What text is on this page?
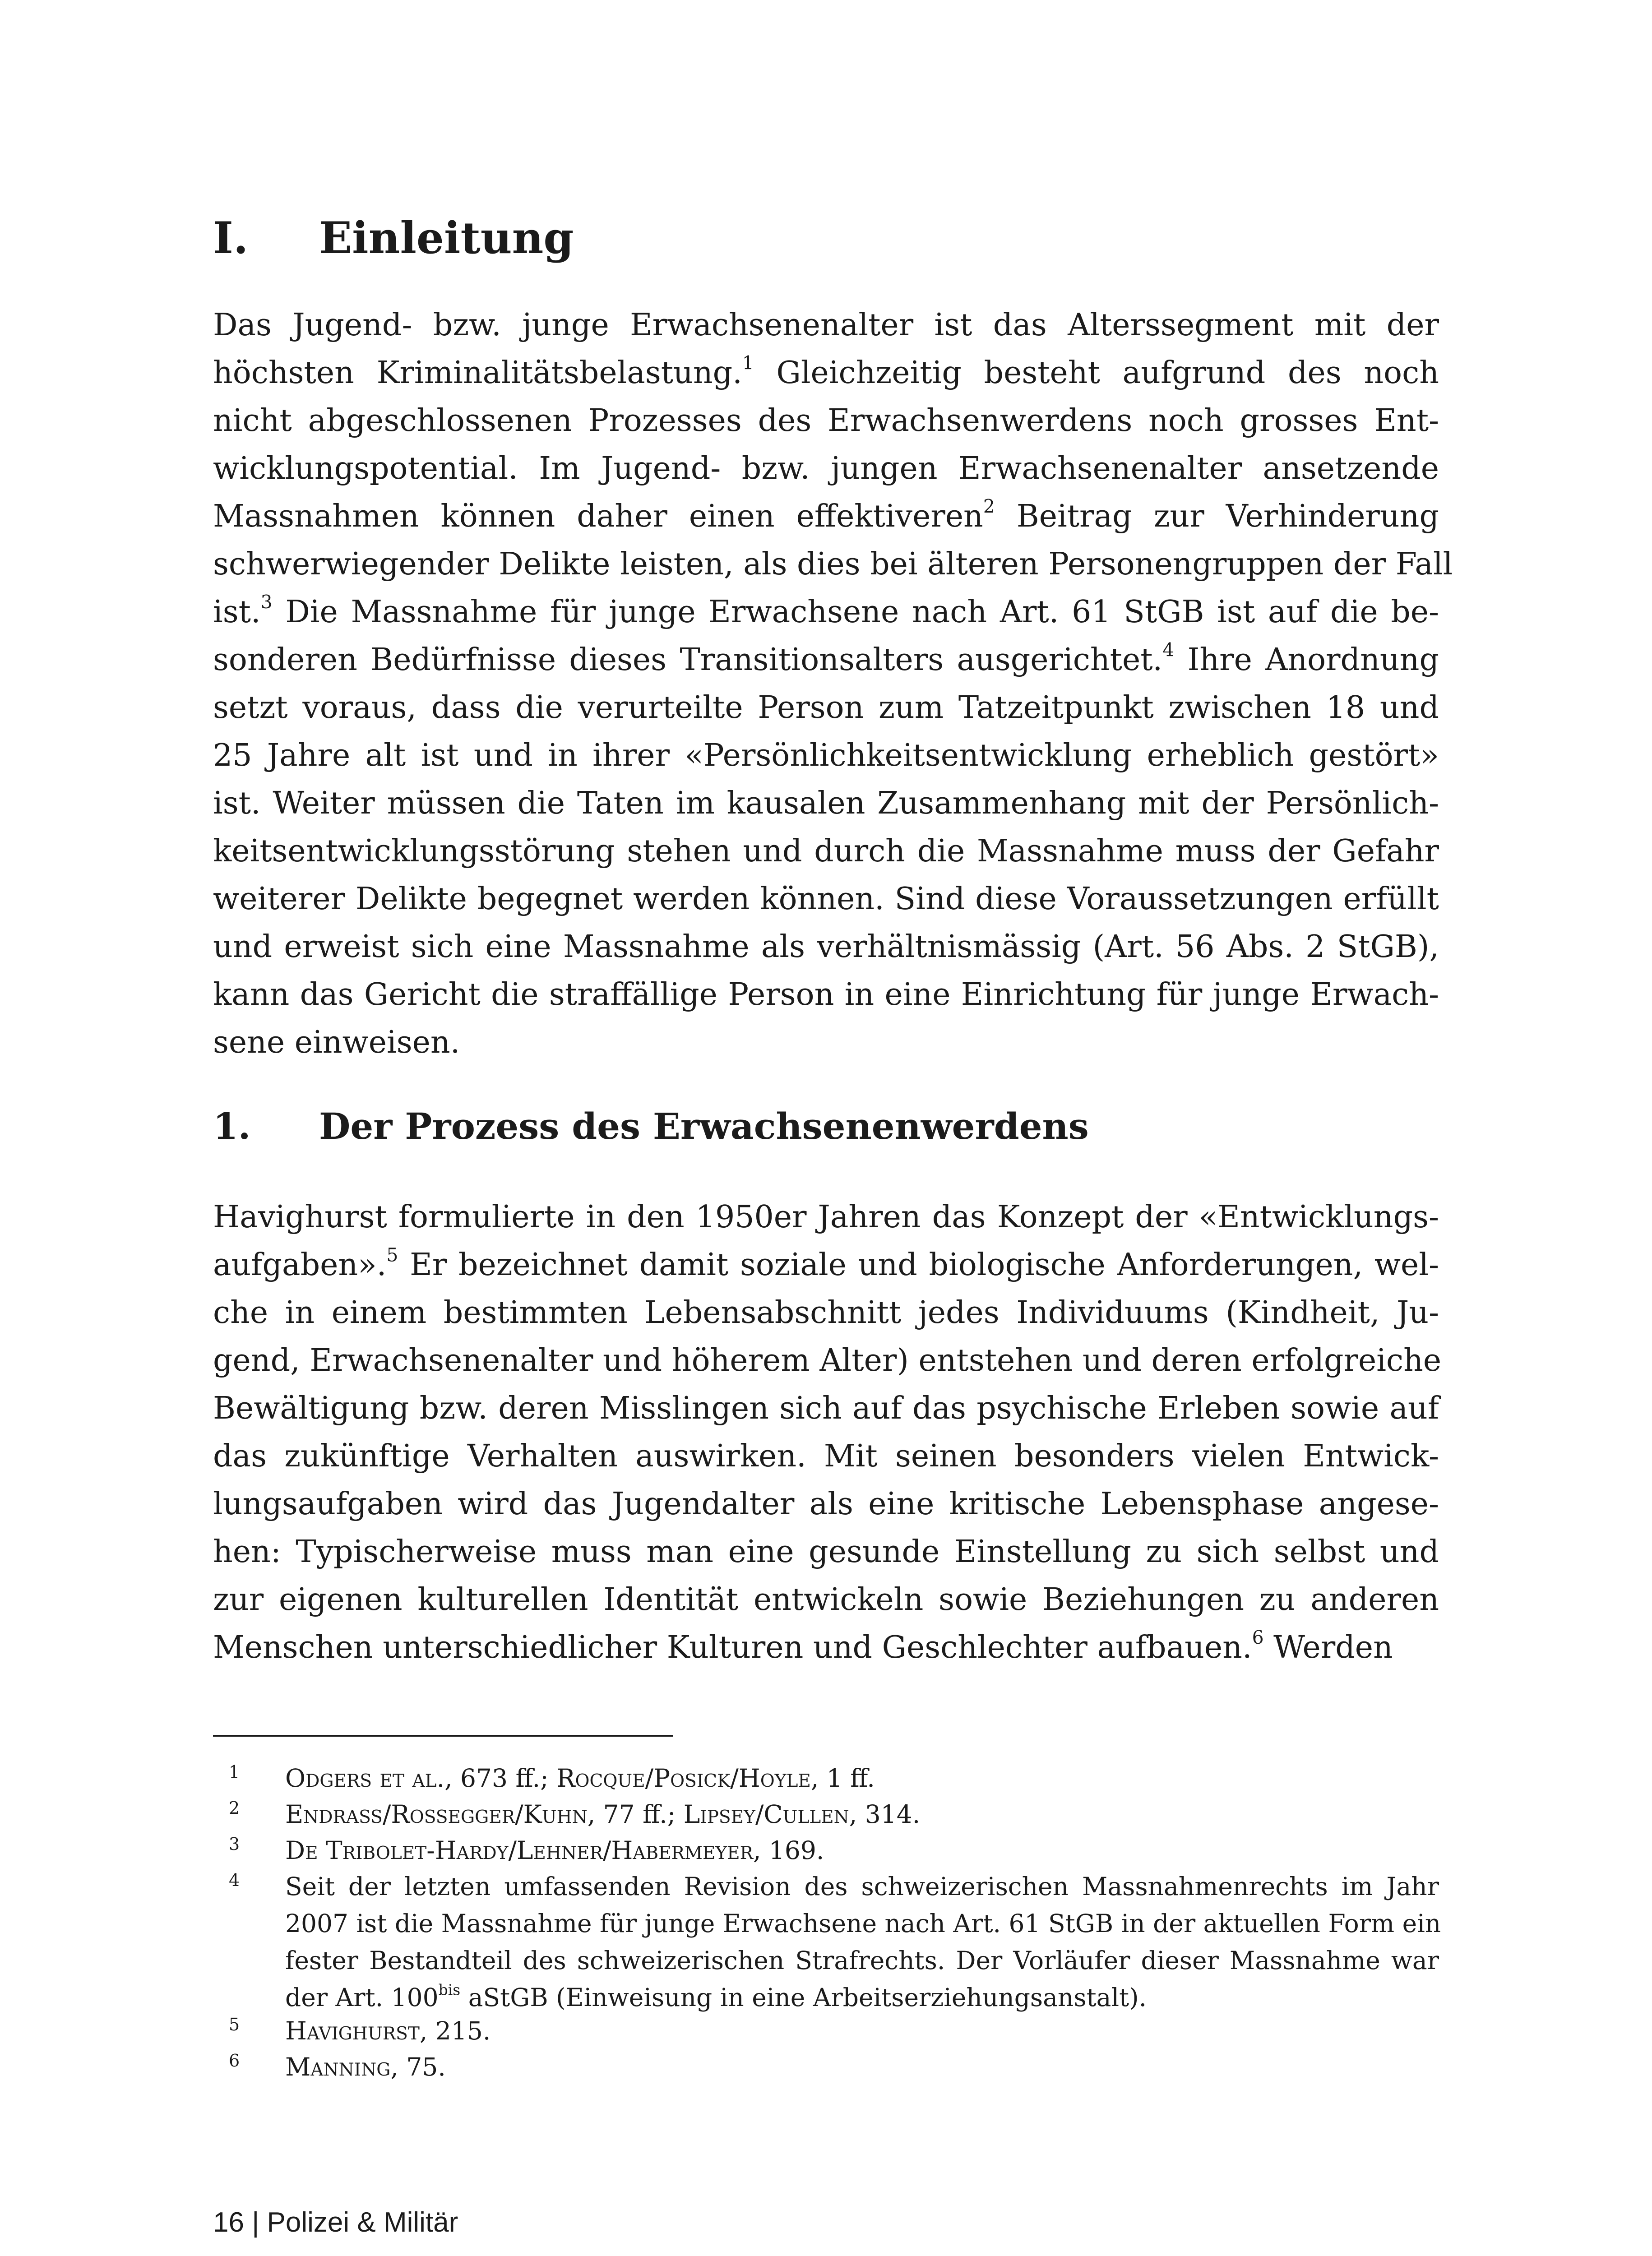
I. Einleitung
Das Jugend- bzw. junge Erwachsenenalter ist das Alterssegment mit der
höchsten Kriminalitätsbelastung.$^1$ Gleichzeitig besteht aufgrund des noch
nicht abgeschlossenen Prozesses des Erwachsenwerdens noch grosses Ent-
wicklungspotential. Im Jugend- bzw. jungen Erwachsenenalter ansetzende
Massnahmen können daher einen effektiveren$^2$ Beitrag zur Verhinderung
schwerwiegender Delikte leisten, als dies bei älteren Personengruppen der Fall
ist.$^3$ Die Massnahme für junge Erwachsene nach Art. 61 StGB ist auf die be-
sonderen Bedürfnisse dieses Transitionsalters ausgerichtet.$^4$ Ihre Anordnung
setzt voraus, dass die verurteilte Person zum Tatzeitpunkt zwischen 18 und
25 Jahre alt ist und in ihrer «Persönlichkeitsentwicklung erheblich gestört»
ist. Weiter müssen die Taten im kausalen Zusammenhang mit der Persönlich-
keitsentwicklungsstörung stehen und durch die Massnahme muss der Gefahr
weiterer Delikte begegnet werden können. Sind diese Voraussetzungen erfüllt
und erweist sich eine Massnahme als verhältnismässig (Art. 56 Abs. 2 StGB),
kann das Gericht die straffällige Person in eine Einrichtung für junge Erwach-
sene einweisen.
1. Der Prozess des Erwachsenenwerdens
Havighurst formulierte in den 1950er Jahren das Konzept der «Entwicklungs-
aufgaben».$^5$ Er bezeichnet damit soziale und biologische Anforderungen, wel-
che in einem bestimmten Lebensabschnitt jedes Individuums (Kindheit, Ju-
gend, Erwachsenenalter und höherem Alter) entstehen und deren erfolgreiche
Bewältigung bzw. deren Misslingen sich auf das psychische Erleben sowie auf
das zukünftige Verhalten auswirken. Mit seinen besonders vielen Entwick-
lungsaufgaben wird das Jugendalter als eine kritische Lebensphase angese-
hen: Typischerweise muss man eine gesunde Einstellung zu sich selbst und
zur eigenen kulturellen Identität entwickeln sowie Beziehungen zu anderen
Menschen unterschiedlicher Kulturen und Geschlechter aufbauen.$^6$ Werden
1 Odgers et al., 673 ff.; Rocque/Posick/Hoyle, 1 ff.
2 Endrass/Rossegger/Kuhn, 77 ff.; Lipsey/Cullen, 314.
3 De Tribolet-Hardy/Lehner/Habermeyer, 169.
4 Seit der letzten umfassenden Revision des schweizerischen Massnahmenrechts im Jahr
2007 ist die Massnahme für junge Erwachsene nach Art. 61 StGB in der aktuellen Form ein
fester Bestandteil des schweizerischen Strafrechts. Der Vorläufer dieser Massnahme war
der Art. $100^{bis}$ aStGB (Einweisung in eine Arbeitserziehungsanstalt).
5 Havighurst, 215.
6 Manning, 75.
16 | Polizei & Militär
